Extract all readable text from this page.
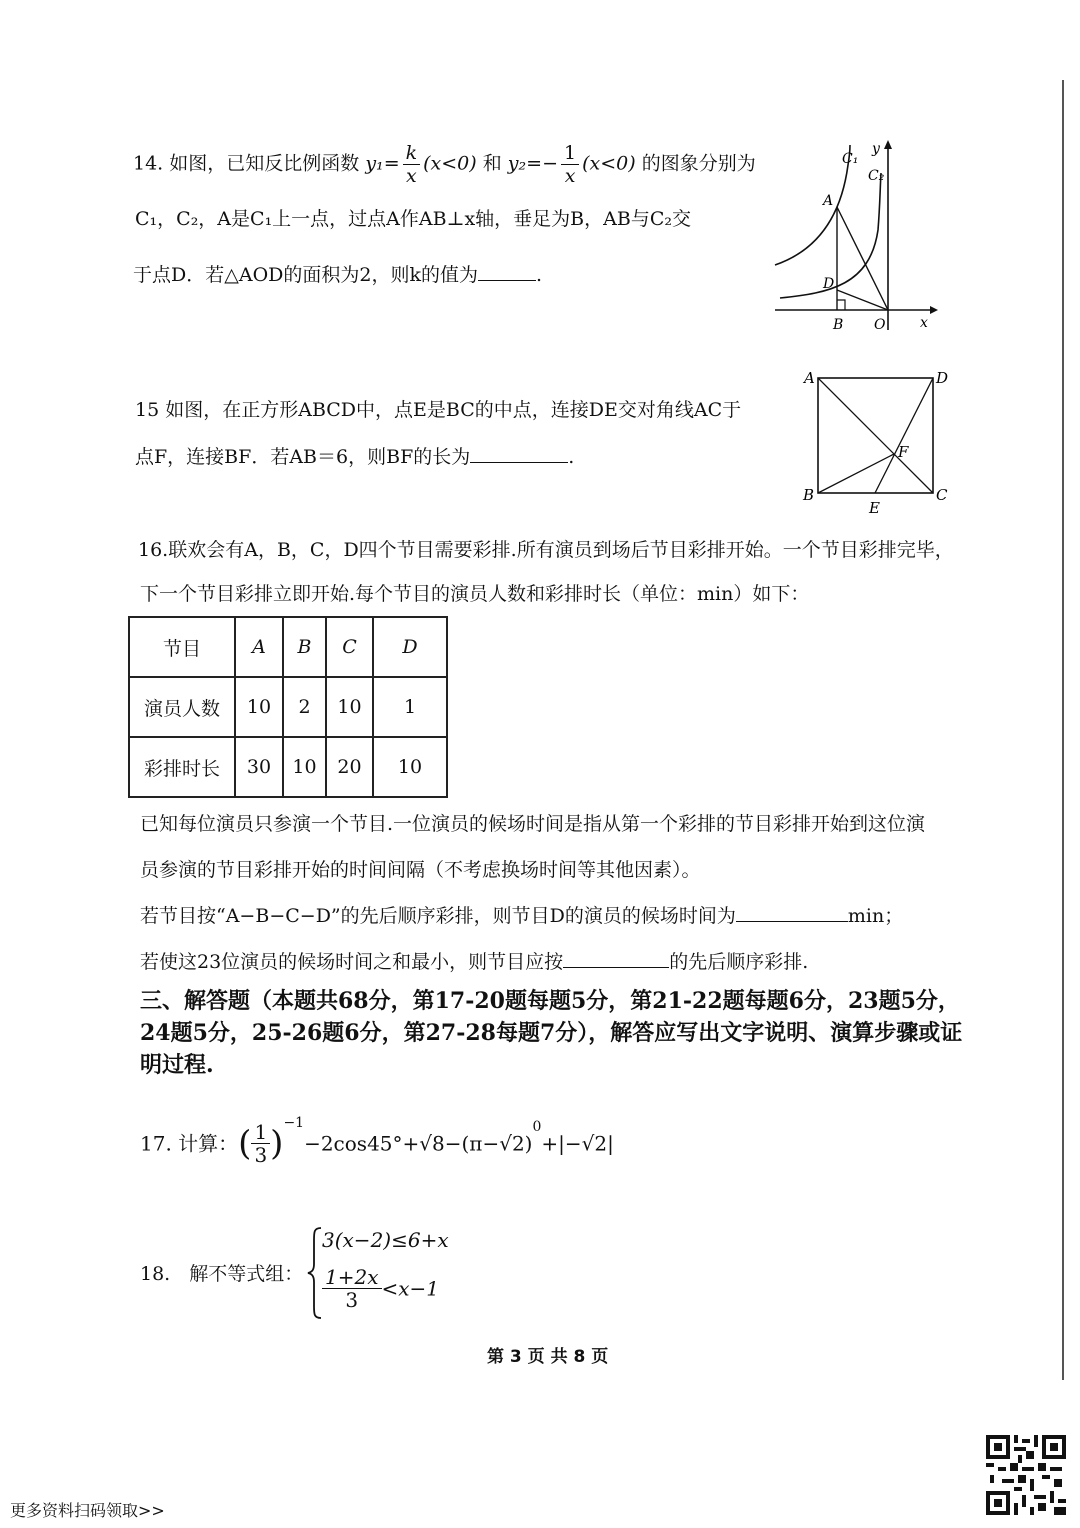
14. 如图，已知反比例函数 $y_1= \frac{k}{x} (x<0)$ 和 $y_2=- \frac{1}{x} (x<0)$ 的图象分别为
C₁，C₂，A是C₁上一点，过点A作AB⊥x轴，垂足为B，AB与C₂交
于点D．若△AOD的面积为2，则k的值为	.
C₁
C₂
y
A
D
B O x
15 如图，在正方形ABCD中，点E是BC的中点，连接DE交对角线AC于
点F，连接BF．若AB＝6，则BF的长为	.
A	D
F
B
E
C
16.联欢会有A，B，C，D四个节目需要彩排.所有演员到场后节目彩排开始。一个节目彩排完毕，
下一个节目彩排立即开始.每个节目的演员人数和彩排时长（单位：min）如下：
节目	A	B	C	D
演员人数	10	2	10	1
彩排时长	30	10	20	10
已知每位演员只参演一个节目.一位演员的候场时间是指从第一个彩排的节目彩排开始到这位演
员参演的节目彩排开始的时间间隔（不考虑换场时间等其他因素）。
若节目按“A−B−C−D”的先后顺序彩排，则节目D的演员的候场时间为	min；
若使这23位演员的候场时间之和最小，则节目应按	的先后顺序彩排.
三、解答题（本题共68分，第17-20题每题5分，第21-22题每题6分，23题5分，24题5分，25-26题6分，第27-28每题7分），解答应写出文字说明、演算步骤或证明过程.
17. 计算：( $\frac{1}{3} )^{-1}-2\cos 45^\circ+√8-(\pi-√2)^0+|-√2|$
18.　解不等式组：
3(x−2)≤6+x
$\frac{1+2x}{3} <x-1$
第 3 页 共 8 页
更多资料扫码领取>>
